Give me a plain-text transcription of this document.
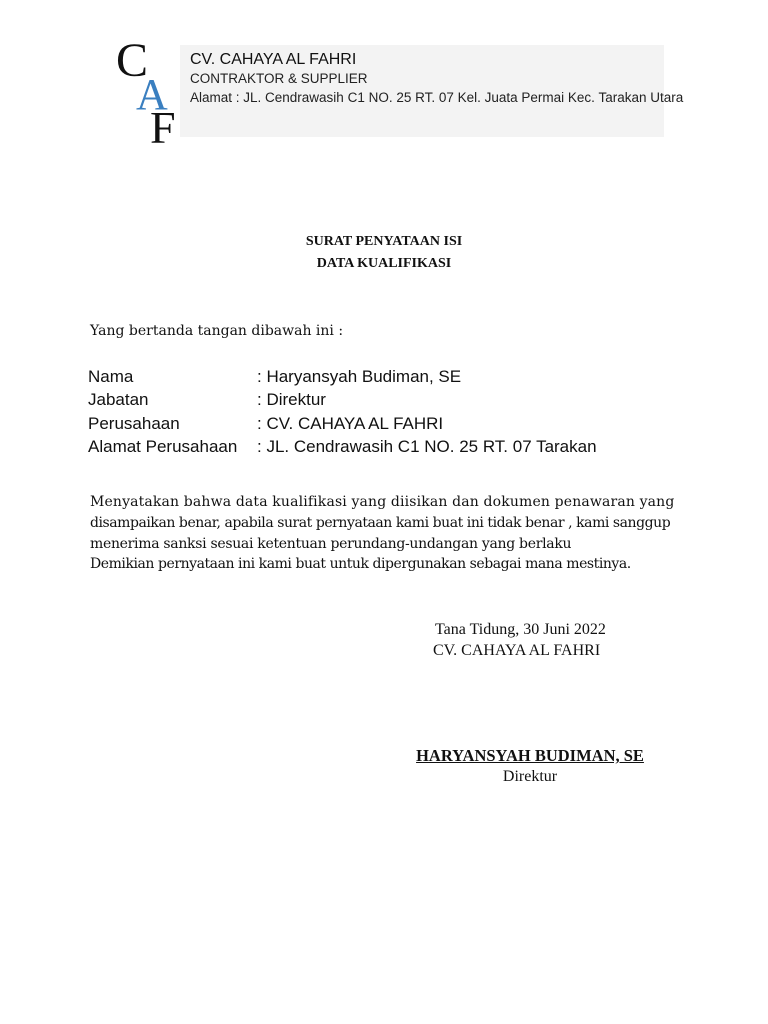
C
A
F
CV. CAHAYA AL FAHRI
CONTRAKTOR & SUPPLIER
Alamat : JL. Cendrawasih C1 NO. 25 RT. 07 Kel. Juata Permai Kec. Tarakan Utara
SURAT PENYATAAN ISI
DATA KUALIFIKASI
Yang bertanda tangan dibawah ini :
Nama	: Haryansyah Budiman, SE
Jabatan	: Direktur
Perusahaan	: CV. CAHAYA AL FAHRI
Alamat Perusahaan : JL. Cendrawasih C1 NO. 25 RT. 07 Tarakan
Menyatakan bahwa data kualifikasi yang diisikan dan dokumen penawaran yang
disampaikan benar, apabila surat pernyataan kami buat ini tidak benar , kami sanggup
menerima sanksi sesuai ketentuan perundang-undangan yang berlaku
Demikian pernyataan ini kami buat untuk dipergunakan sebagai mana mestinya.
Tana Tidung, 30 Juni 2022
CV. CAHAYA AL FAHRI
HARYANSYAH BUDIMAN, SE
Direktur
